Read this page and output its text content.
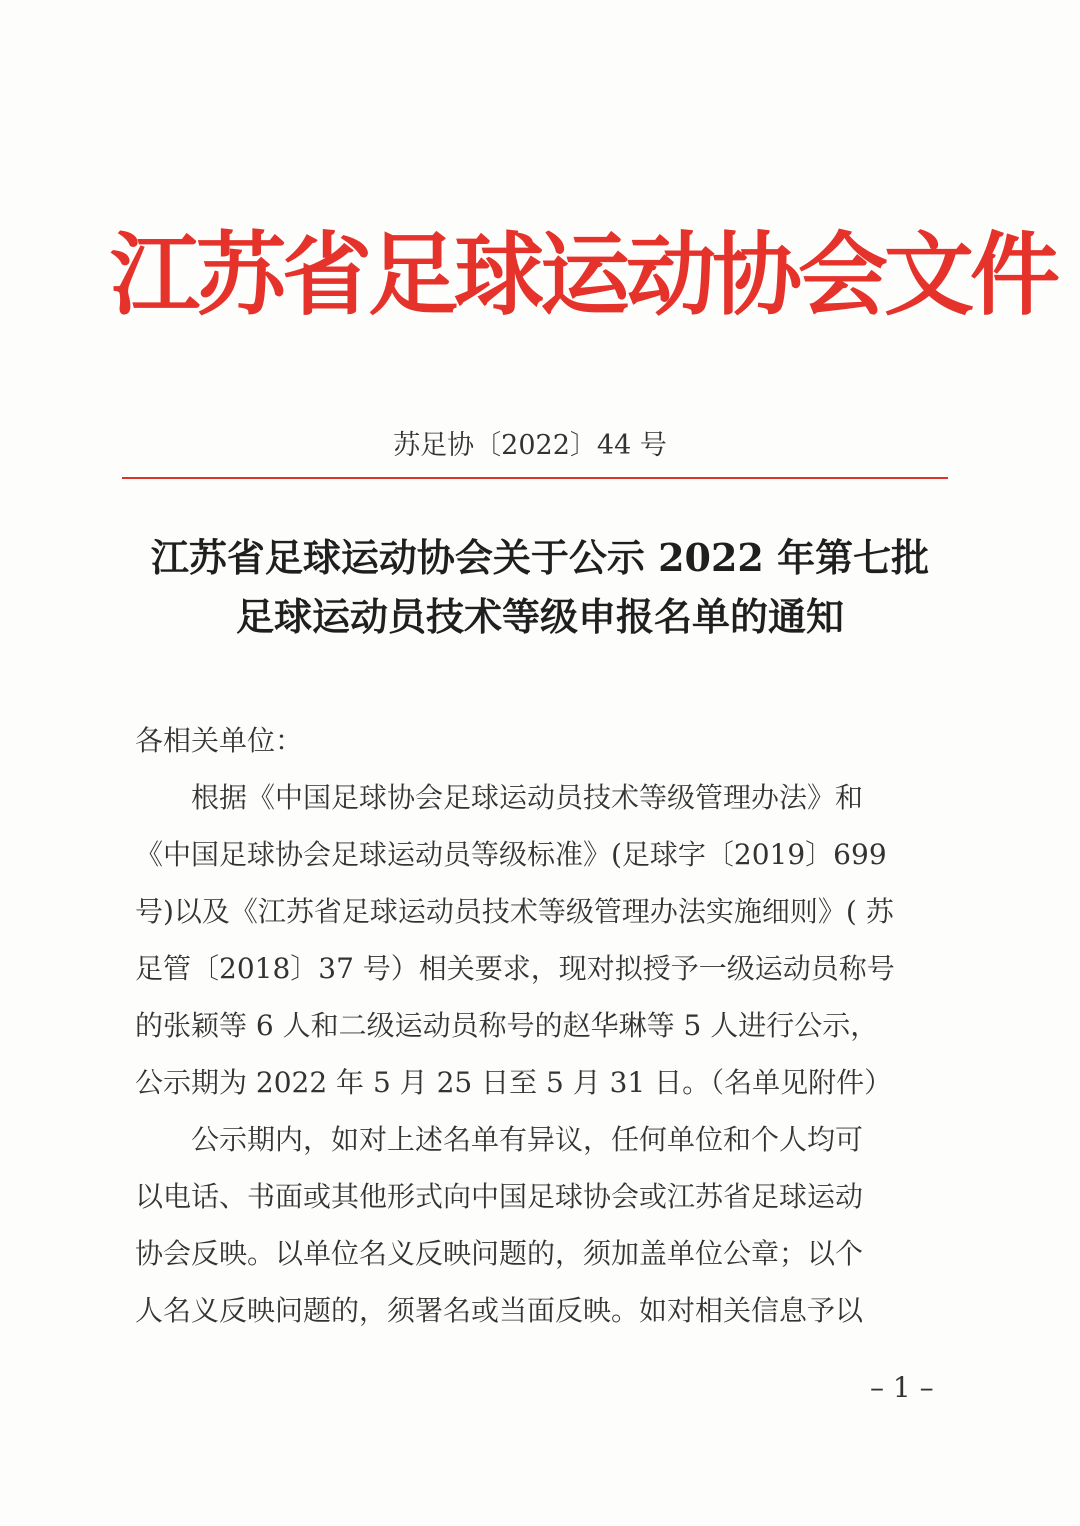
江苏省足球运动协会文件
苏足协〔2022〕44 号
江苏省足球运动协会关于公示 2022 年第七批
足球运动员技术等级申报名单的通知
各相关单位：
　　根据《中国足球协会足球运动员技术等级管理办法》和
《中国足球协会足球运动员等级标准》(足球字〔2019〕699
号)以及《江苏省足球运动员技术等级管理办法实施细则》( 苏
足管〔2018〕37 号）相关要求，现对拟授予一级运动员称号
的张颖等 6 人和二级运动员称号的赵华琳等 5 人进行公示，
公示期为 2022 年 5 月 25 日至 5 月 31 日。（名单见附件）
　　公示期内，如对上述名单有异议，任何单位和个人均可
以电话、书面或其他形式向中国足球协会或江苏省足球运动
协会反映。以单位名义反映问题的，须加盖单位公章；以个
人名义反映问题的，须署名或当面反映。如对相关信息予以
– 1 –
